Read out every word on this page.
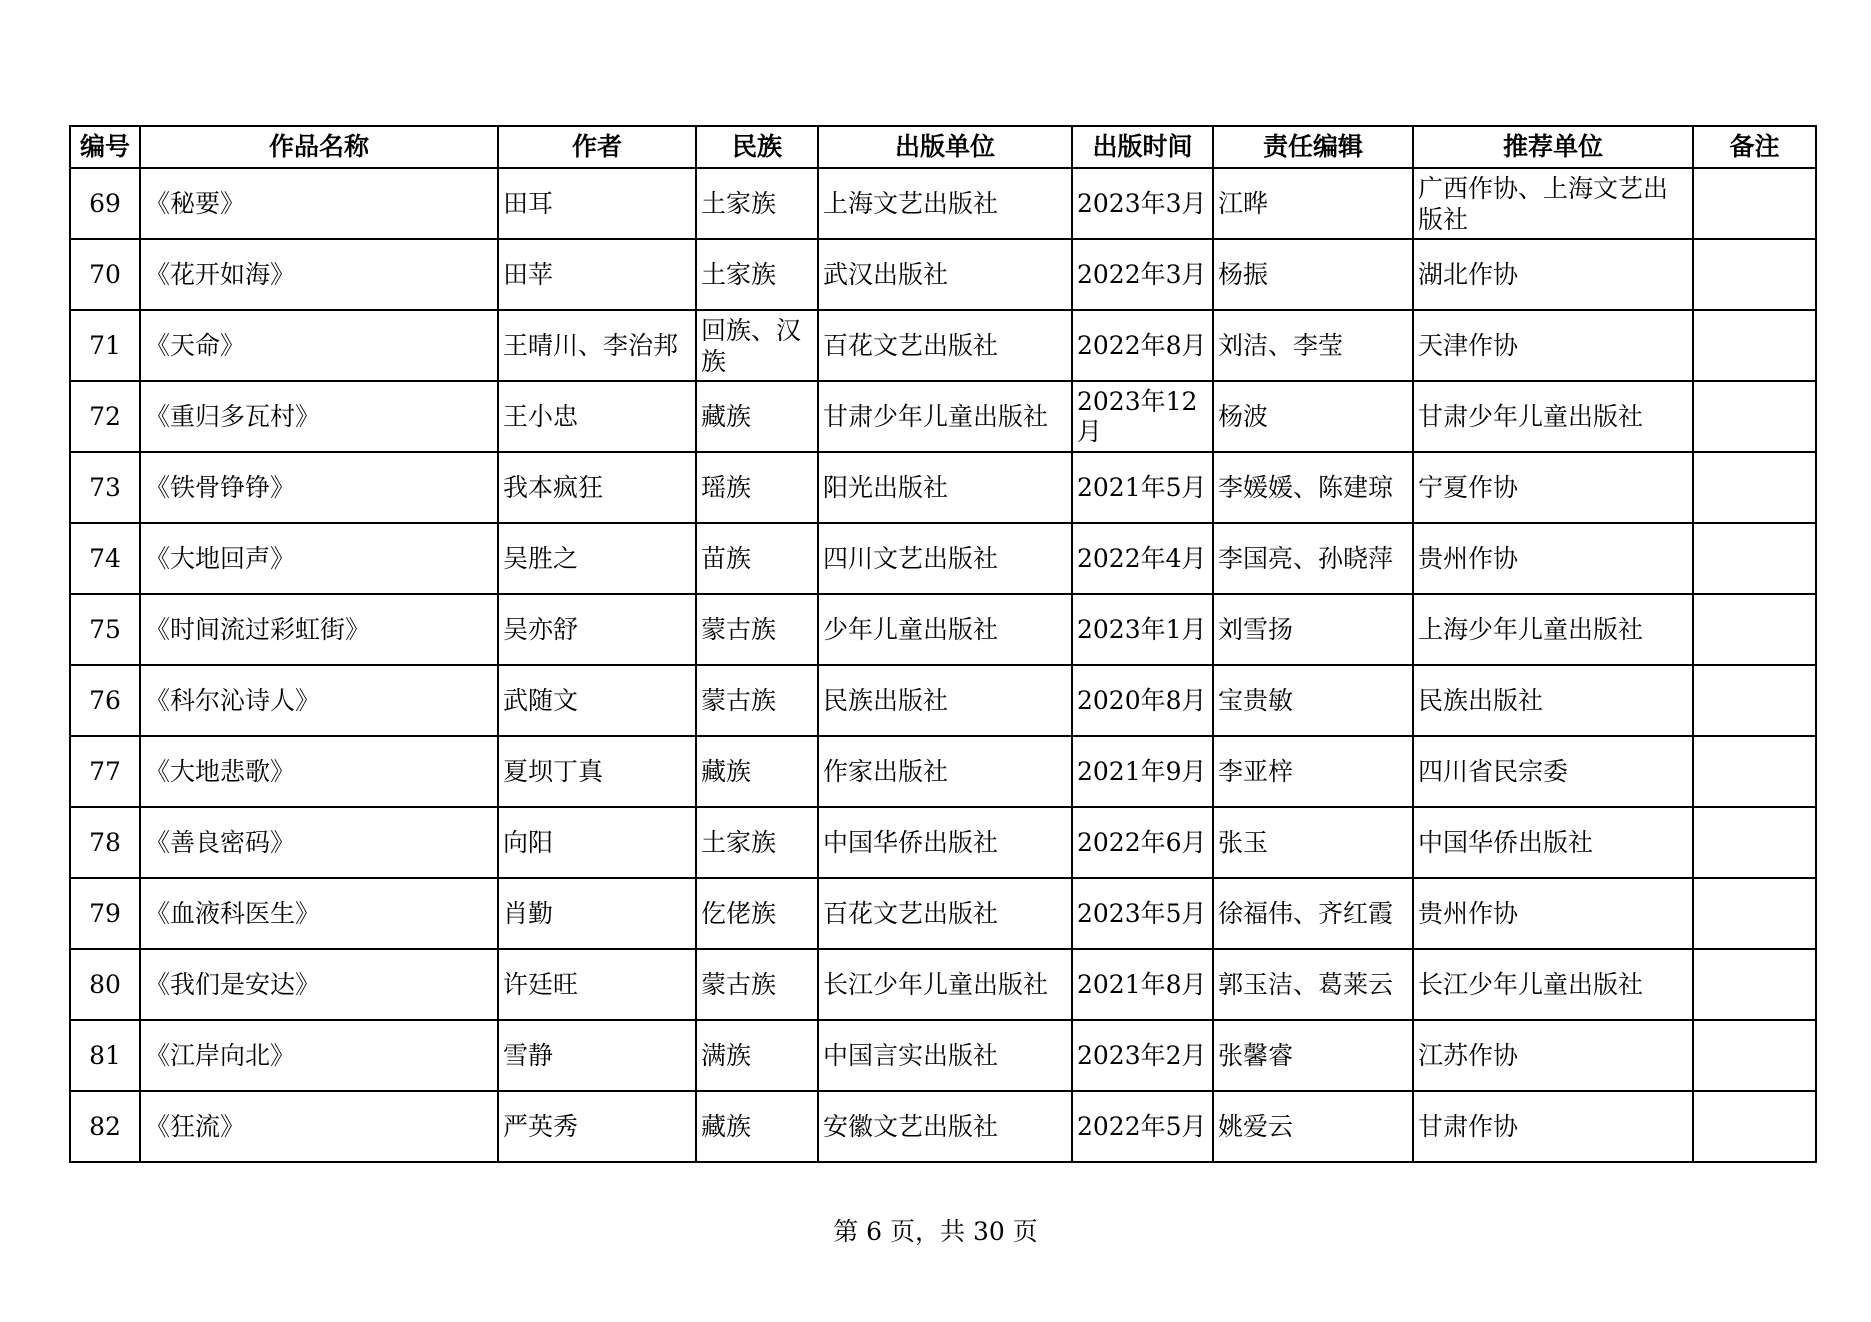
编号	作品名称	作者	民族	出版单位	出版时间	责任编辑	推荐单位	备注
69	《秘要》	田耳	土家族	上海文艺出版社	2023年3月	江晔	广西作协、上海文艺出版社	
70	《花开如海》	田苹	土家族	武汉出版社	2022年3月	杨振	湖北作协	
71	《天命》	王晴川、李治邦	回族、汉族	百花文艺出版社	2022年8月	刘洁、李莹	天津作协	
72	《重归多瓦村》	王小忠	藏族	甘肃少年儿童出版社	2023年12月	杨波	甘肃少年儿童出版社	
73	《铁骨铮铮》	我本疯狂	瑶族	阳光出版社	2021年5月	李媛媛、陈建琼	宁夏作协	
74	《大地回声》	吴胜之	苗族	四川文艺出版社	2022年4月	李国亮、孙晓萍	贵州作协	
75	《时间流过彩虹街》	吴亦舒	蒙古族	少年儿童出版社	2023年1月	刘雪扬	上海少年儿童出版社	
76	《科尔沁诗人》	武随文	蒙古族	民族出版社	2020年8月	宝贵敏	民族出版社	
77	《大地悲歌》	夏坝丁真	藏族	作家出版社	2021年9月	李亚梓	四川省民宗委	
78	《善良密码》	向阳	土家族	中国华侨出版社	2022年6月	张玉	中国华侨出版社	
79	《血液科医生》	肖勤	仡佬族	百花文艺出版社	2023年5月	徐福伟、齐红霞	贵州作协	
80	《我们是安达》	许廷旺	蒙古族	长江少年儿童出版社	2021年8月	郭玉洁、葛莱云	长江少年儿童出版社	
81	《江岸向北》	雪静	满族	中国言实出版社	2023年2月	张馨睿	江苏作协	
82	《狂流》	严英秀	藏族	安徽文艺出版社	2022年5月	姚爱云	甘肃作协	
第 6 页，共 30 页
